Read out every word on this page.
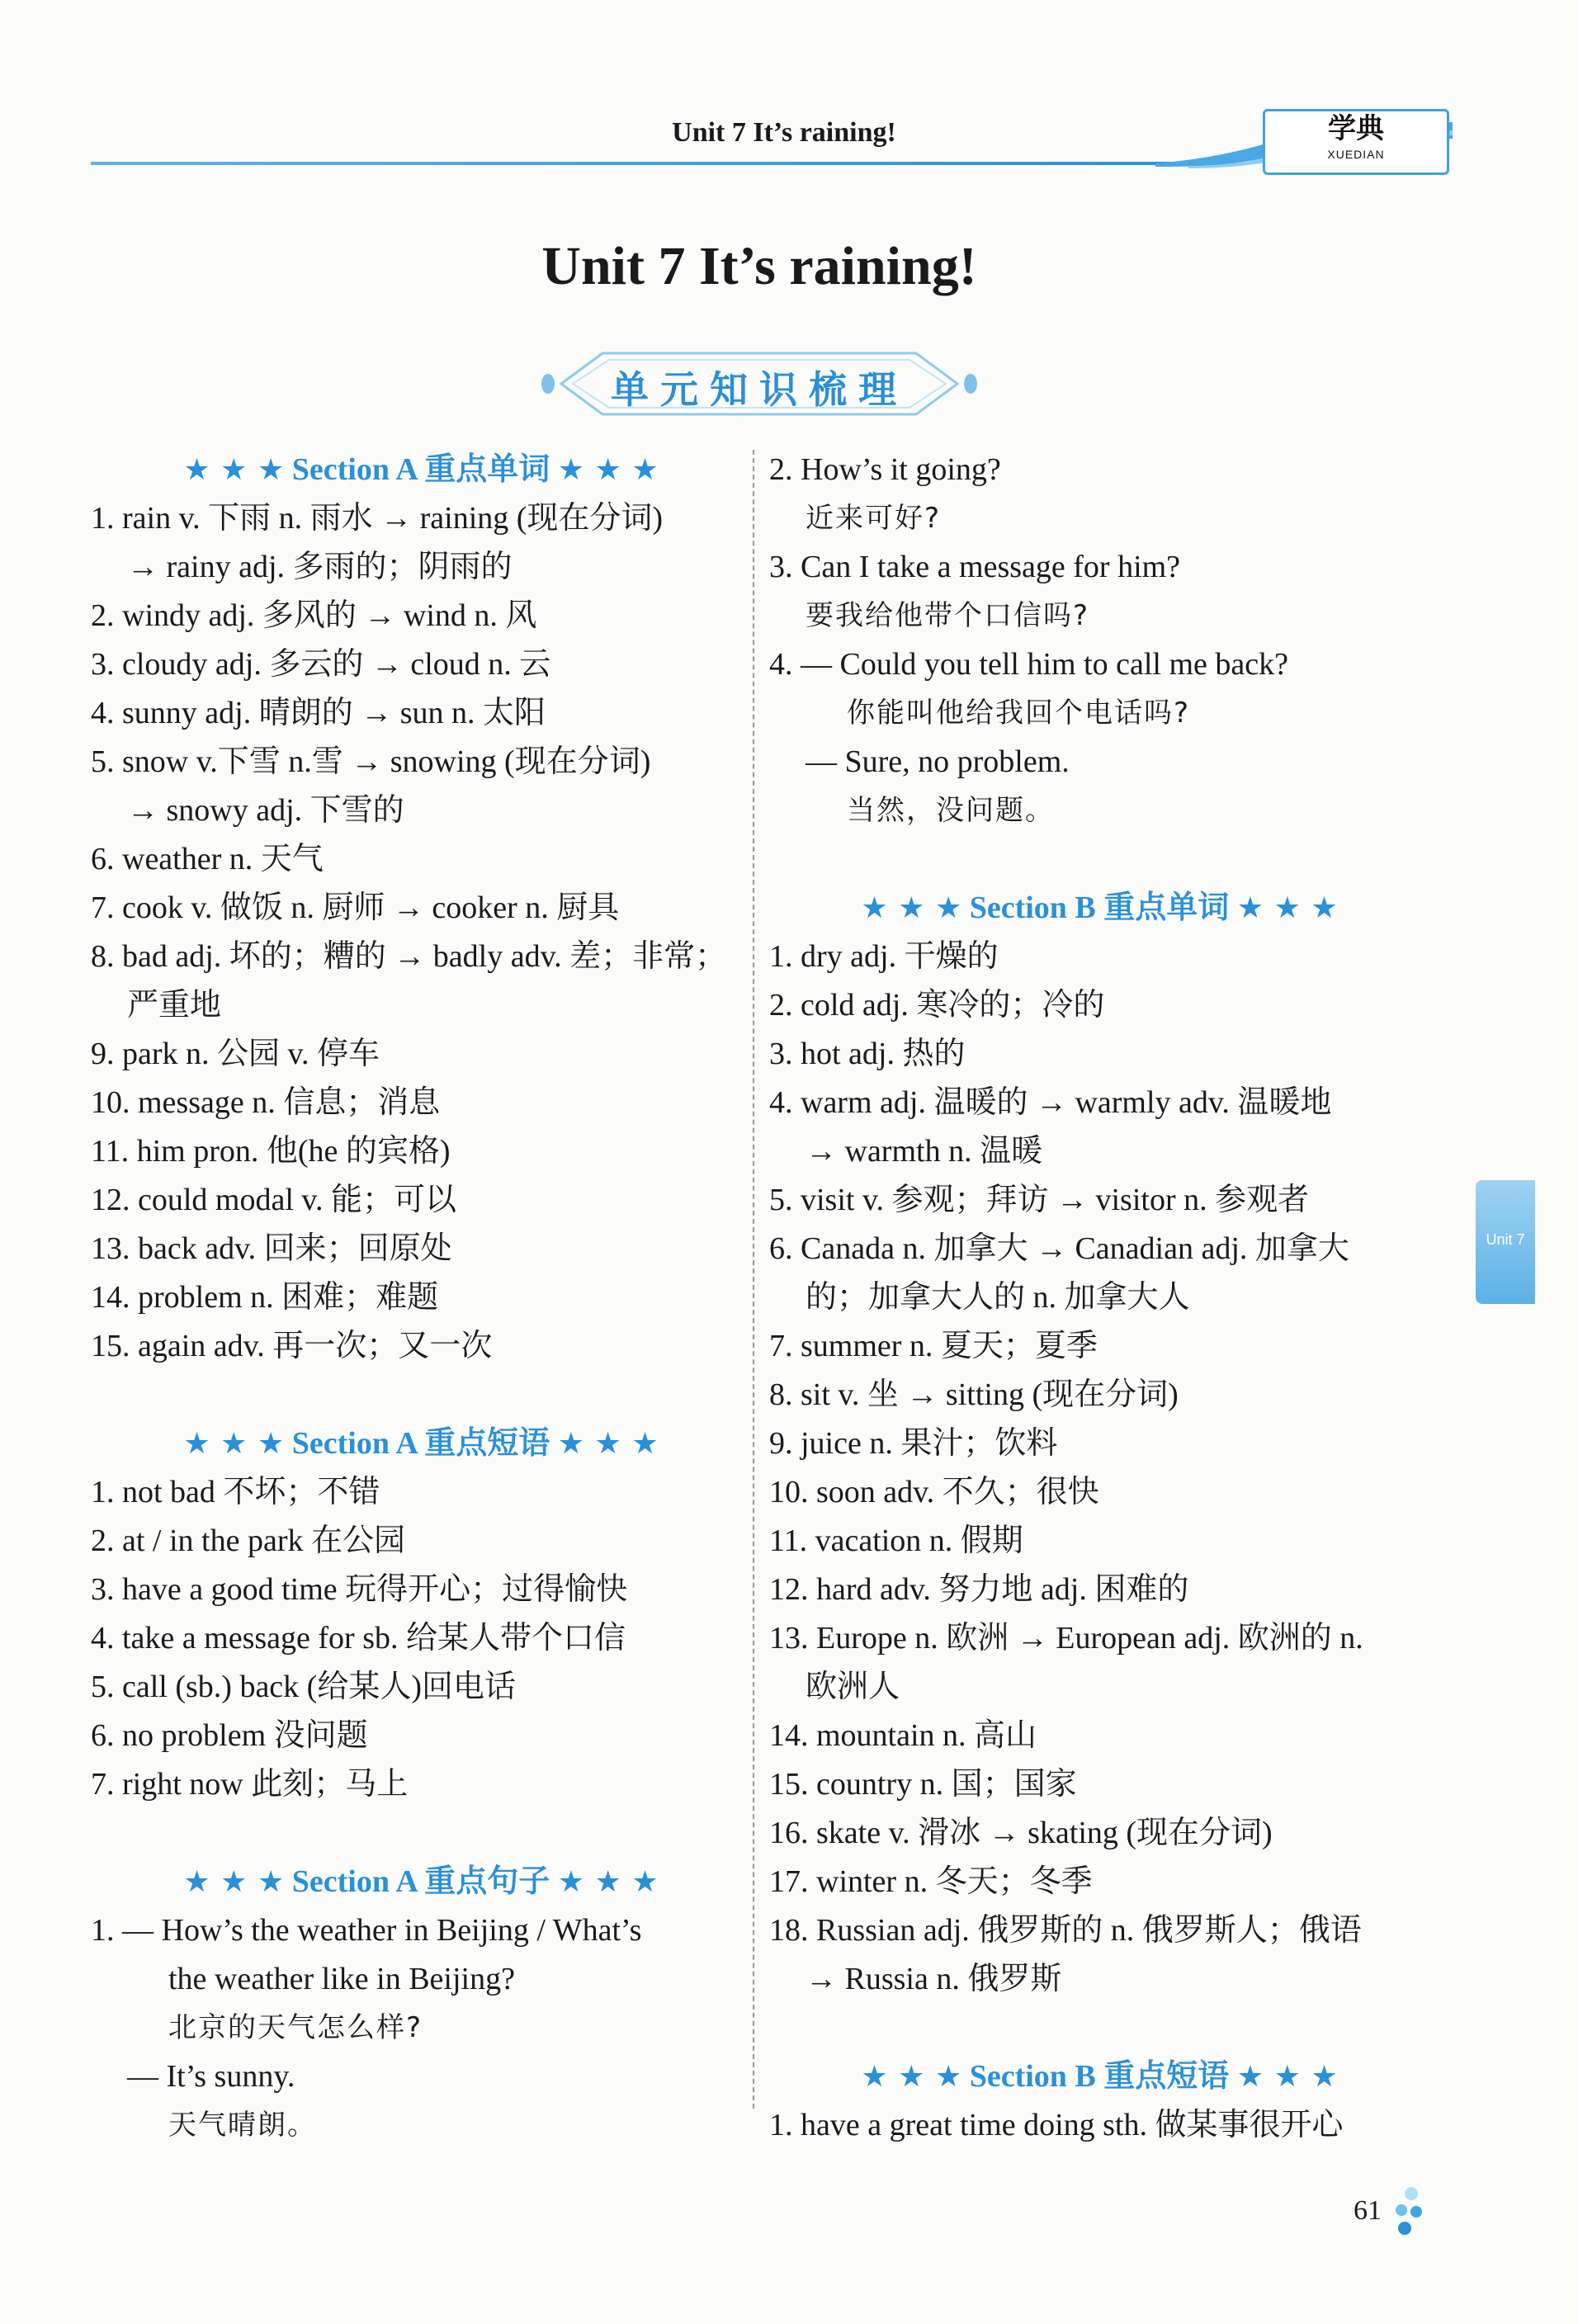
Unit 7 It’s raining!	学典
XUEDIAN
Unit 7 It’s raining!
单元知识梳理
★ ★ ★ Section A 重点单词 ★ ★ ★
1. rain v. 下雨 n. 雨水 → raining (现在分词)
→ rainy adj. 多雨的；阴雨的
2. windy adj. 多风的 → wind n. 风
3. cloudy adj. 多云的 → cloud n. 云
4. sunny adj. 晴朗的 → sun n. 太阳
5. snow v.下雪 n.雪 → snowing (现在分词)
→ snowy adj. 下雪的
6. weather n. 天气
7. cook v. 做饭 n. 厨师 → cooker n. 厨具
8. bad adj. 坏的；糟的 → badly adv. 差；非常；
严重地
9. park n. 公园 v. 停车
10. message n. 信息；消息
11. him pron. 他(he 的宾格)
12. could modal v. 能；可以
13. back adv. 回来；回原处
14. problem n. 困难；难题
15. again adv. 再一次；又一次
★ ★ ★ Section A 重点短语 ★ ★ ★
1. not bad 不坏；不错
2. at / in the park 在公园
3. have a good time 玩得开心；过得愉快
4. take a message for sb. 给某人带个口信
5. call (sb.) back (给某人)回电话
6. no problem 没问题
7. right now 此刻；马上
★ ★ ★ Section A 重点句子 ★ ★ ★
1. — How’s the weather in Beijing / What’s
the weather like in Beijing?
北京的天气怎么样?
— It’s sunny.
天气晴朗。
2. How’s it going?
近来可好?
3. Can I take a message for him?
要我给他带个口信吗?
4. — Could you tell him to call me back?
你能叫他给我回个电话吗?
— Sure, no problem.
当然，没问题。
★ ★ ★ Section B 重点单词 ★ ★ ★
1. dry adj. 干燥的
2. cold adj. 寒冷的；冷的
3. hot adj. 热的
4. warm adj. 温暖的 → warmly adv. 温暖地
→ warmth n. 温暖
5. visit v. 参观；拜访 → visitor n. 参观者
6. Canada n. 加拿大 → Canadian adj. 加拿大
的；加拿大人的 n. 加拿大人
7. summer n. 夏天；夏季
8. sit v. 坐 → sitting (现在分词)
9. juice n. 果汁；饮料
10. soon adv. 不久；很快
11. vacation n. 假期
12. hard adv. 努力地 adj. 困难的
13. Europe n. 欧洲 → European adj. 欧洲的 n.
欧洲人
14. mountain n. 高山
15. country n. 国；国家
16. skate v. 滑冰 → skating (现在分词)
17. winter n. 冬天；冬季
18. Russian adj. 俄罗斯的 n. 俄罗斯人；俄语
→ Russia n. 俄罗斯
★ ★ ★ Section B 重点短语 ★ ★ ★
1. have a great time doing sth. 做某事很开心
Unit 7
61
